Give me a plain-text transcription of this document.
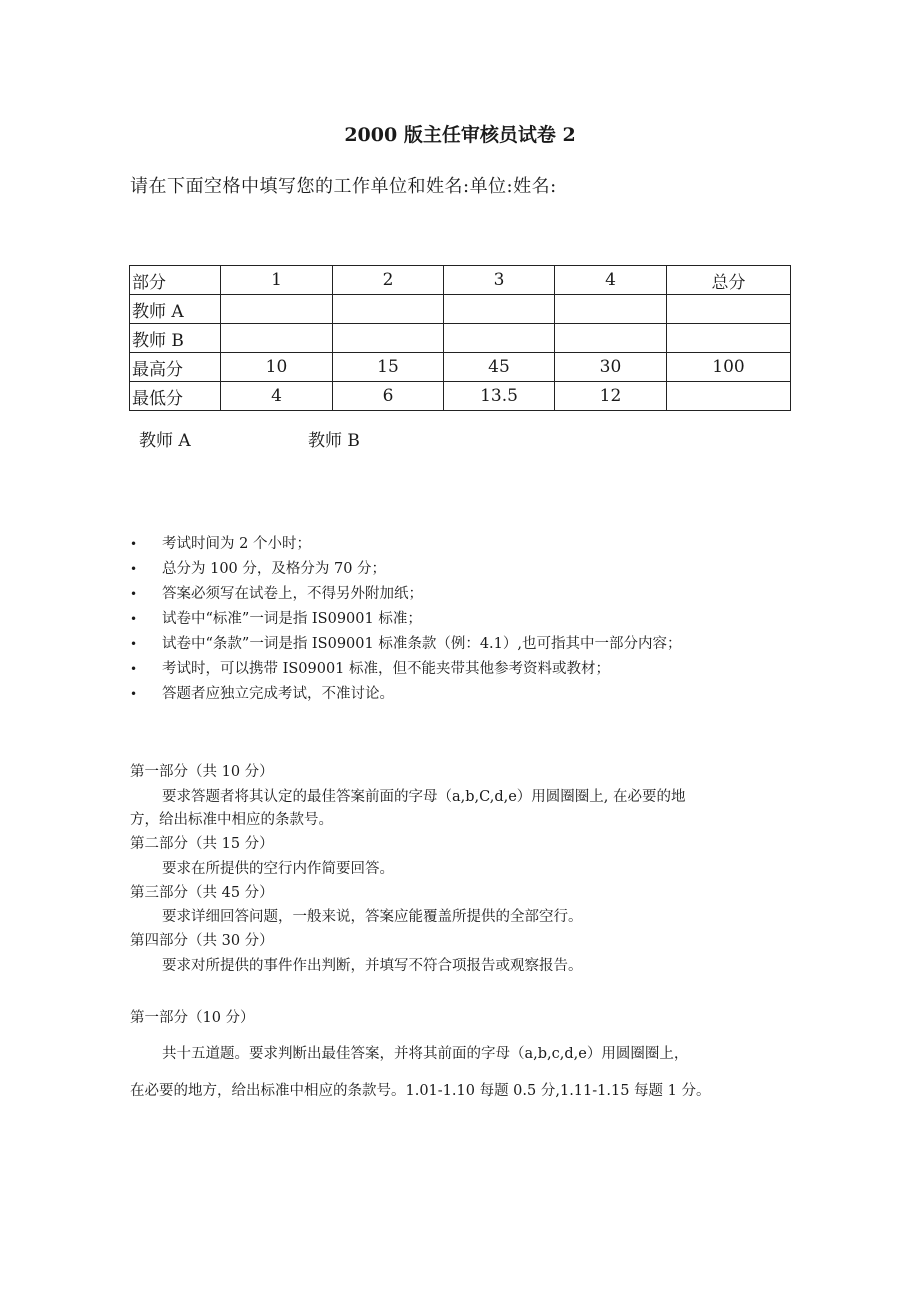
2000 版主任审核员试卷 2
请在下面空格中填写您的工作单位和姓名:单位:姓名:
部分	1	2	3	4	总分
教师 A					
教师 B					
最高分	10	15	45	30	100
最低分	4	6	13.5	12	
教师 A	教师 B
• 考试时间为 2 个小时；
• 总分为 100 分，及格分为 70 分；
• 答案必须写在试卷上，不得另外附加纸；
• 试卷中“标准”一词是指 IS09001 标准；
• 试卷中“条款”一词是指 IS09001 标准条款（例：4.1）,也可指其中一部分内容；
• 考试时，可以携带 IS09001 标准，但不能夹带其他参考资料或教材；
• 答题者应独立完成考试，不准讨论。
第一部分（共 10 分）
要求答题者将其认定的最佳答案前面的字母（a,b,C,d,e）用圆圈圈上, 在必要的地
方，给出标准中相应的条款号。
第二部分（共 15 分）
要求在所提供的空行内作简要回答。
第三部分（共 45 分）
要求详细回答问题，一般来说，答案应能覆盖所提供的全部空行。
第四部分（共 30 分）
要求对所提供的事件作出判断，并填写不符合项报告或观察报告。
第一部分（10 分）
共十五道题。要求判断出最佳答案，并将其前面的字母（a,b,c,d,e）用圆圈圈上，
在必要的地方，给出标准中相应的条款号。1.01-1.10 每题 0.5 分,1.11-1.15 每题 1 分。
